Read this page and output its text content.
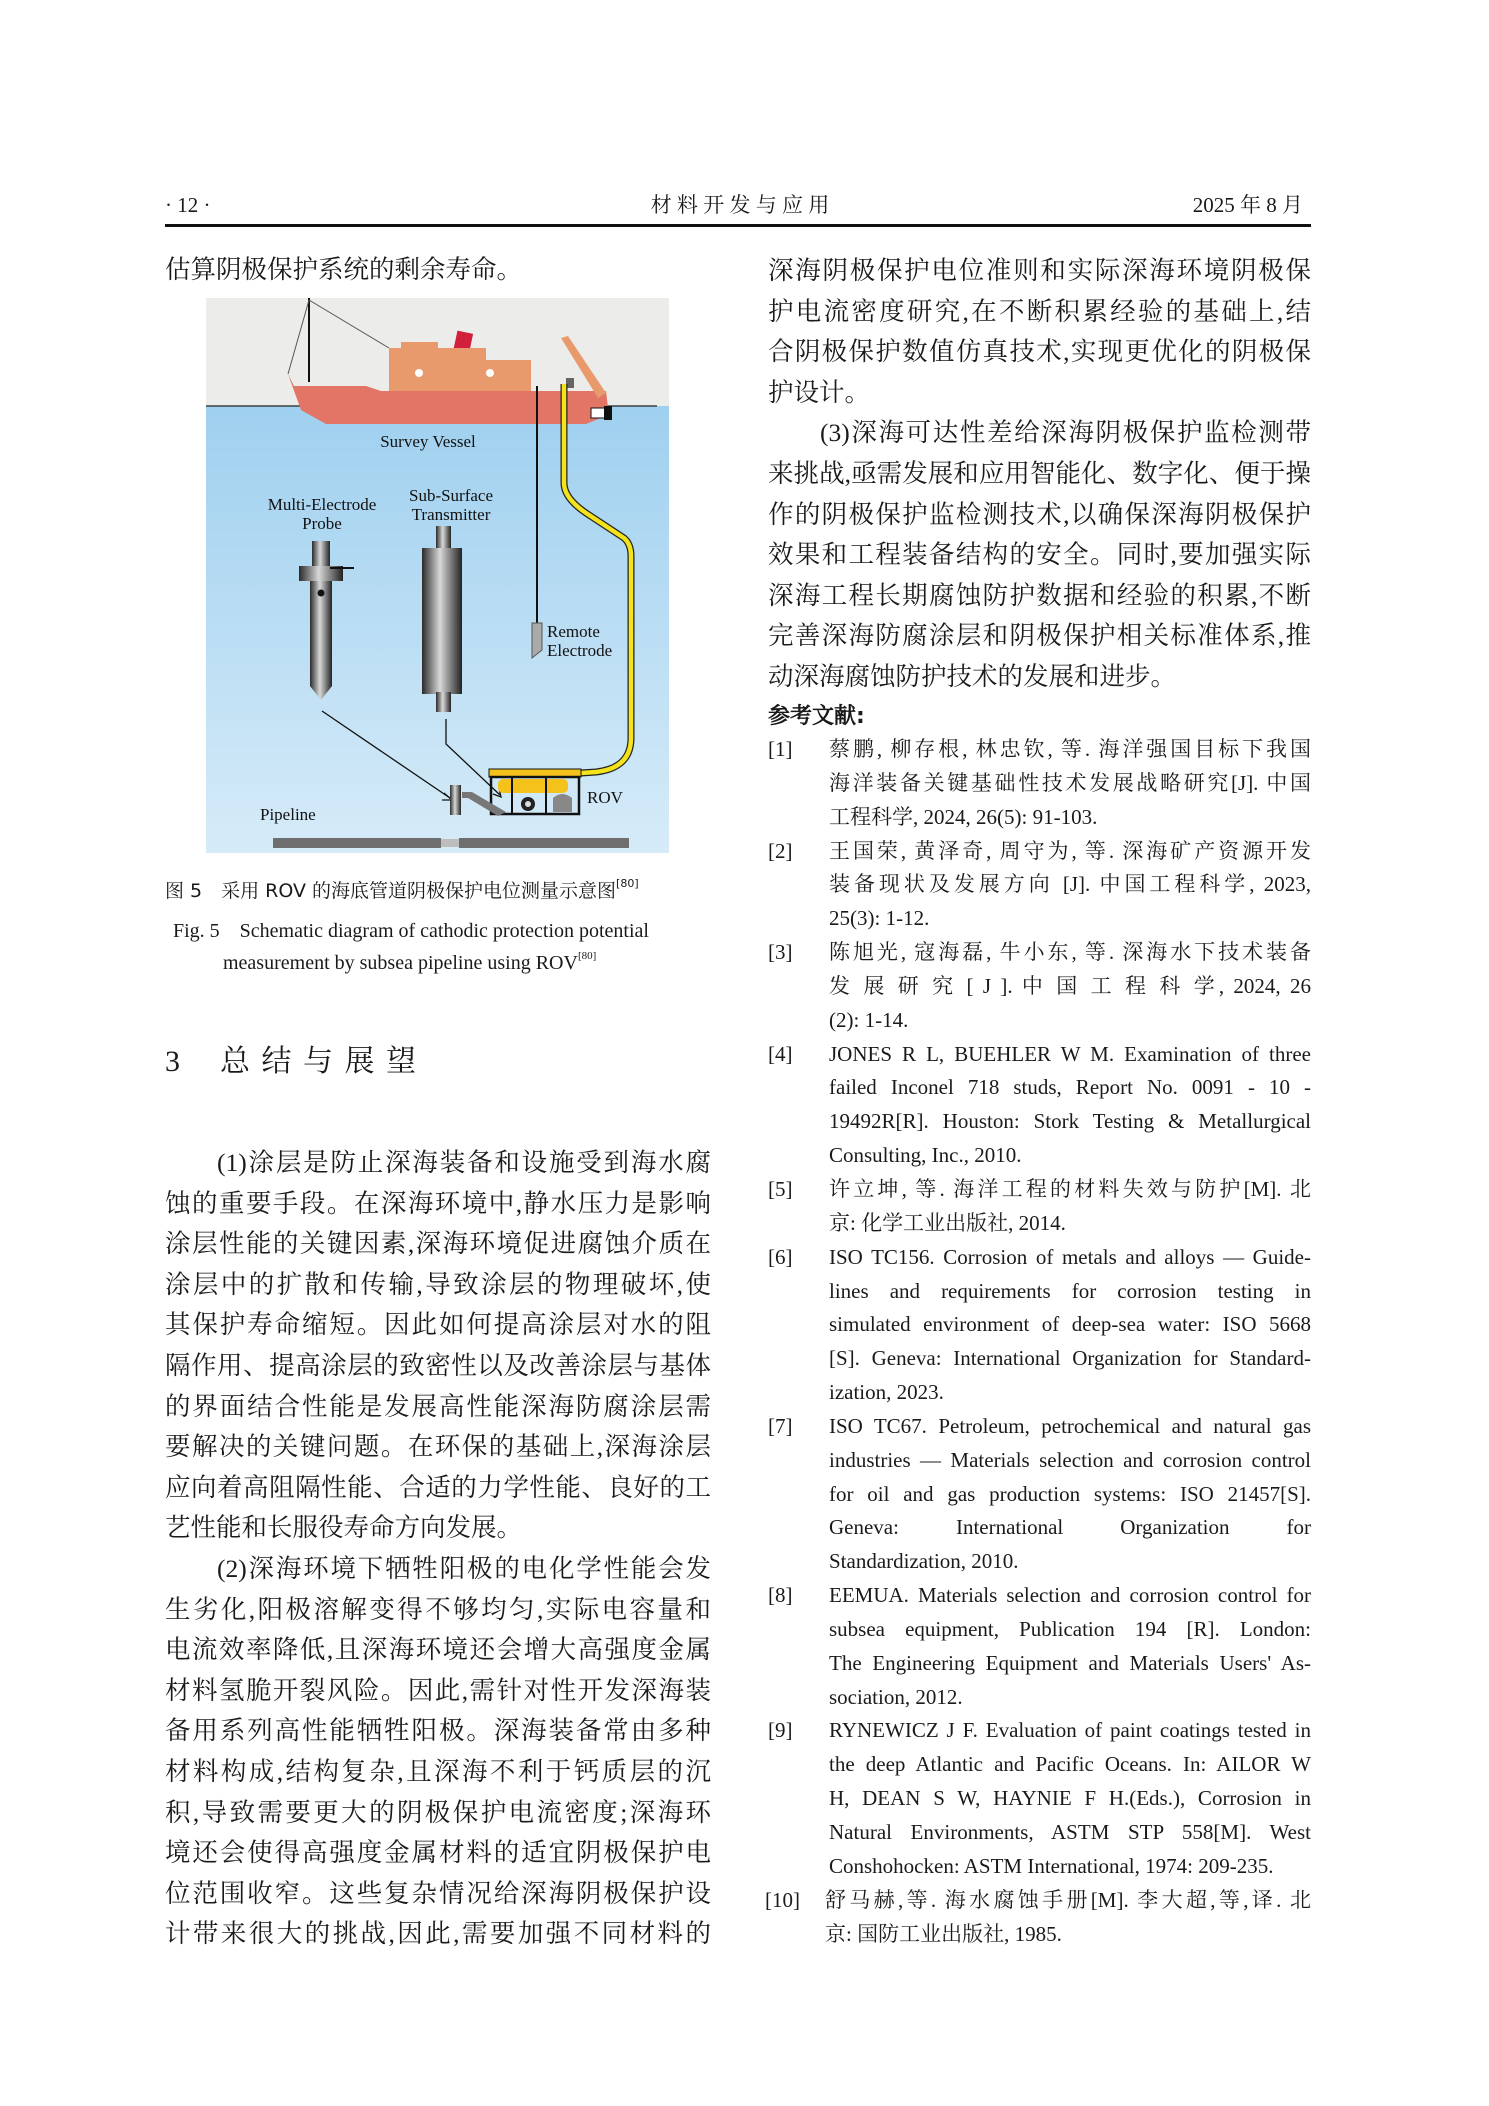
· 12 ·	材 料 开 发 与 应 用	2025 年 8 月
估算阴极保护系统的剩余寿命。
Survey Vessel
Multi-Electrode
Probe
Sub-Surface
Transmitter
Remote
Electrode
ROV
Pipeline
图 5　采用 ROV 的海底管道阴极保护电位测量示意图[80]
Fig. 5　Schematic diagram of cathodic protection potential
measurement by subsea pipeline using ROV[80]
3 总 结 与 展 望
(1)涂层是防止深海装备和设施受到海水腐
蚀的重要手段。在深海环境中,静水压力是影响
涂层性能的关键因素,深海环境促进腐蚀介质在
涂层中的扩散和传输,导致涂层的物理破坏,使
其保护寿命缩短。因此如何提高涂层对水的阻
隔作用、提高涂层的致密性以及改善涂层与基体
的界面结合性能是发展高性能深海防腐涂层需
要解决的关键问题。在环保的基础上,深海涂层
应向着高阻隔性能、合适的力学性能、良好的工
艺性能和长服役寿命方向发展。
(2)深海环境下牺牲阳极的电化学性能会发
生劣化,阳极溶解变得不够均匀,实际电容量和
电流效率降低,且深海环境还会增大高强度金属
材料氢脆开裂风险。因此,需针对性开发深海装
备用系列高性能牺牲阳极。深海装备常由多种
材料构成,结构复杂,且深海不利于钙质层的沉
积,导致需要更大的阴极保护电流密度;深海环
境还会使得高强度金属材料的适宜阴极保护电
位范围收窄。这些复杂情况给深海阴极保护设
计带来很大的挑战,因此,需要加强不同材料的
深海阴极保护电位准则和实际深海环境阴极保
护电流密度研究,在不断积累经验的基础上,结
合阴极保护数值仿真技术,实现更优化的阴极保
护设计。
(3)深海可达性差给深海阴极保护监检测带
来挑战,亟需发展和应用智能化、数字化、便于操
作的阴极保护监检测技术,以确保深海阴极保护
效果和工程装备结构的安全。同时,要加强实际
深海工程长期腐蚀防护数据和经验的积累,不断
完善深海防腐涂层和阴极保护相关标准体系,推
动深海腐蚀防护技术的发展和进步。
参考文献:
[1] 蔡鹏, 柳存根, 林忠钦, 等. 海洋强国目标下我国
海洋装备关键基础性技术发展战略研究[J]. 中国
工程科学, 2024, 26(5): 91-103.
[2] 王国荣, 黄泽奇, 周守为, 等. 深海矿产资源开发
装备现状及发展方向 [J]. 中国工程科学, 2023,
25(3): 1-12.
[3] 陈旭光, 寇海磊, 牛小东, 等. 深海水下技术装备
发 展 研 究 [ J ]. 中 国 工 程 科 学, 2024, 26
(2): 1-14.
[4] JONES R L, BUEHLER W M. Examination of three
failed Inconel 718 studs, Report No. 0091 - 10 -
19492R[R]. Houston: Stork Testing & Metallurgical
Consulting, Inc., 2010.
[5] 许立坤, 等. 海洋工程的材料失效与防护[M]. 北
京: 化学工业出版社, 2014.
[6] ISO TC156. Corrosion of metals and alloys — Guide-
lines and requirements for corrosion testing in
simulated environment of deep-sea water: ISO 5668
[S]. Geneva: International Organization for Standard-
ization, 2023.
[7] ISO TC67. Petroleum, petrochemical and natural gas
industries — Materials selection and corrosion control
for oil and gas production systems: ISO 21457[S].
Geneva: International Organization for
Standardization, 2010.
[8] EEMUA. Materials selection and corrosion control for
subsea equipment, Publication 194 [R]. London:
The Engineering Equipment and Materials Users' As-
sociation, 2012.
[9] RYNEWICZ J F. Evaluation of paint coatings tested in
the deep Atlantic and Pacific Oceans. In: AILOR W
H, DEAN S W, HAYNIE F H.(Eds.), Corrosion in
Natural Environments, ASTM STP 558[M]. West
Conshohocken: ASTM International, 1974: 209-235.
[10] 舒马赫,等. 海水腐蚀手册[M]. 李大超,等,译. 北
京: 国防工业出版社, 1985.
